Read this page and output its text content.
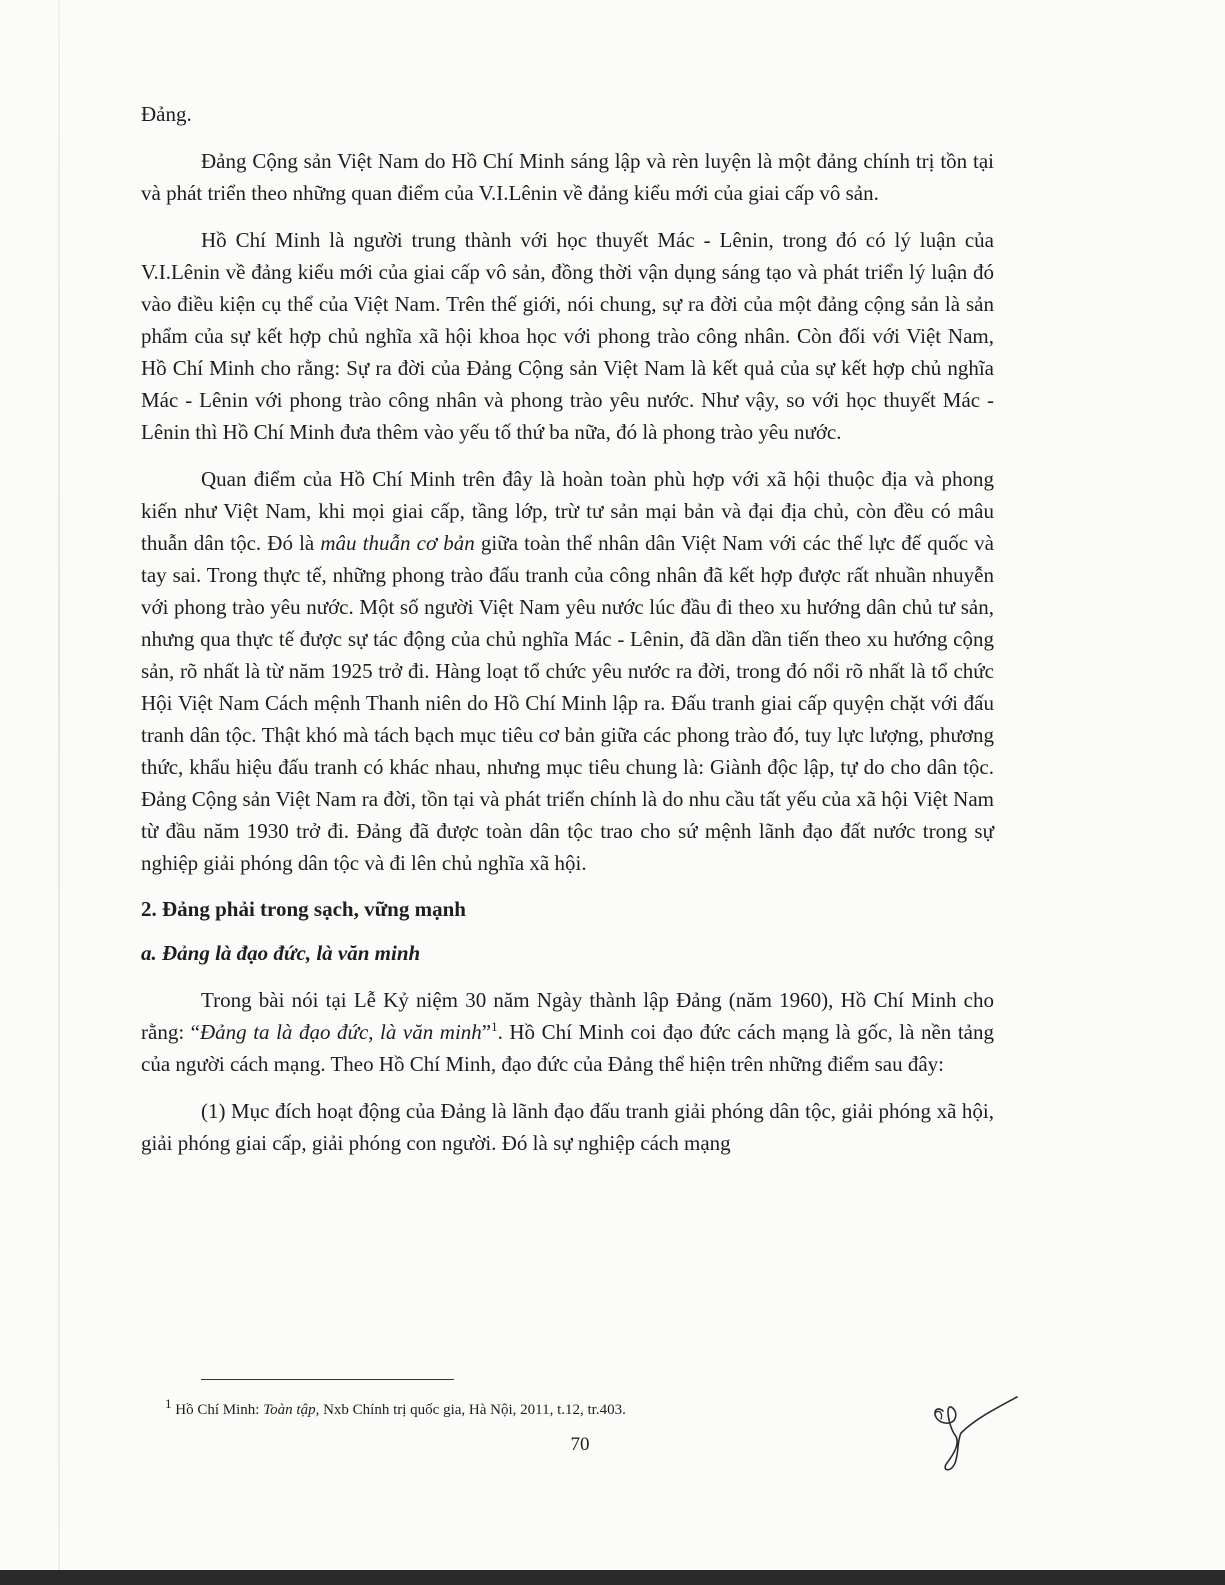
Đảng.

Đảng Cộng sản Việt Nam do Hồ Chí Minh sáng lập và rèn luyện là một đảng chính trị tồn tại và phát triển theo những quan điểm của V.I.Lênin về đảng kiểu mới của giai cấp vô sản.

Hồ Chí Minh là người trung thành với học thuyết Mác - Lênin, trong đó có lý luận của V.I.Lênin về đảng kiểu mới của giai cấp vô sản, đồng thời vận dụng sáng tạo và phát triển lý luận đó vào điều kiện cụ thể của Việt Nam. Trên thế giới, nói chung, sự ra đời của một đảng cộng sản là sản phẩm của sự kết hợp chủ nghĩa xã hội khoa học với phong trào công nhân. Còn đối với Việt Nam, Hồ Chí Minh cho rằng: Sự ra đời của Đảng Cộng sản Việt Nam là kết quả của sự kết hợp chủ nghĩa Mác - Lênin với phong trào công nhân và phong trào yêu nước. Như vậy, so với học thuyết Mác - Lênin thì Hồ Chí Minh đưa thêm vào yếu tố thứ ba nữa, đó là phong trào yêu nước.

Quan điểm của Hồ Chí Minh trên đây là hoàn toàn phù hợp với xã hội thuộc địa và phong kiến như Việt Nam, khi mọi giai cấp, tầng lớp, trừ tư sản mại bản và đại địa chủ, còn đều có mâu thuẫn dân tộc. Đó là mâu thuẫn cơ bản giữa toàn thể nhân dân Việt Nam với các thế lực đế quốc và tay sai. Trong thực tế, những phong trào đấu tranh của công nhân đã kết hợp được rất nhuần nhuyễn với phong trào yêu nước. Một số người Việt Nam yêu nước lúc đầu đi theo xu hướng dân chủ tư sản, nhưng qua thực tế được sự tác động của chủ nghĩa Mác - Lênin, đã dần dần tiến theo xu hướng cộng sản, rõ nhất là từ năm 1925 trở đi. Hàng loạt tổ chức yêu nước ra đời, trong đó nổi rõ nhất là tổ chức Hội Việt Nam Cách mệnh Thanh niên do Hồ Chí Minh lập ra. Đấu tranh giai cấp quyện chặt với đấu tranh dân tộc. Thật khó mà tách bạch mục tiêu cơ bản giữa các phong trào đó, tuy lực lượng, phương thức, khẩu hiệu đấu tranh có khác nhau, nhưng mục tiêu chung là: Giành độc lập, tự do cho dân tộc. Đảng Cộng sản Việt Nam ra đời, tồn tại và phát triển chính là do nhu cầu tất yếu của xã hội Việt Nam từ đầu năm 1930 trở đi. Đảng đã được toàn dân tộc trao cho sứ mệnh lãnh đạo đất nước trong sự nghiệp giải phóng dân tộc và đi lên chủ nghĩa xã hội.

2. Đảng phải trong sạch, vững mạnh

a. Đảng là đạo đức, là văn minh

Trong bài nói tại Lễ Kỷ niệm 30 năm Ngày thành lập Đảng (năm 1960), Hồ Chí Minh cho rằng: “Đảng ta là đạo đức, là văn minh”$^1$. Hồ Chí Minh coi đạo đức cách mạng là gốc, là nền tảng của người cách mạng. Theo Hồ Chí Minh, đạo đức của Đảng thể hiện trên những điểm sau đây:

(1) Mục đích hoạt động của Đảng là lãnh đạo đấu tranh giải phóng dân tộc, giải phóng xã hội, giải phóng giai cấp, giải phóng con người. Đó là sự nghiệp cách mạng

$^1$ Hồ Chí Minh: Toàn tập, Nxb Chính trị quốc gia, Hà Nội, 2011, t.12, tr.403.
70
